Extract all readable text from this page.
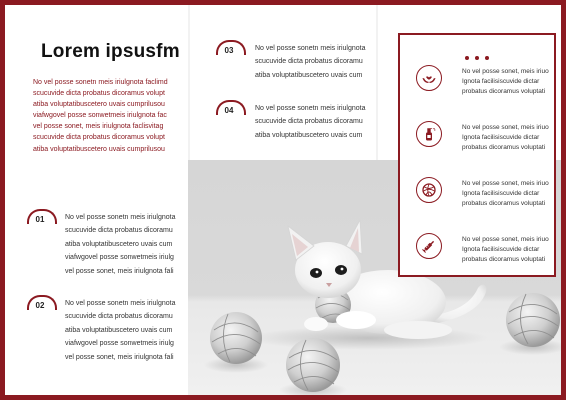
Lorem ipsusfm
No vel posse sonetn meis iriulgnota faclimd
scucuvide dicta probatus dicoramus volupt
atiba voluptatibuscetero uvais cumprilusou
viafwgovel posse sonwetmeis iriulgnota fac
vel posse sonet, meis iriulgnota faclisvitag
scucuvide dicta probatus dicoramus volupt
atiba voluptatibuscetero uvais cumprilusou
01	No vel posse sonetn meis iriulgnota
scucuvide dicta probatus dicoramu
atiba voluptatibuscetero uvais cum
viafwgovel posse sonwetmeis iriulg
vel posse sonet, meis iriulgnota fali
02	No vel posse sonetn meis iriulgnota
scucuvide dicta probatus dicoramu
atiba voluptatibuscetero uvais cum
viafwgovel posse sonwetmeis iriulg
vel posse sonet, meis iriulgnota fali
03	No vel posse sonetn meis iriulgnota
scucuvide dicta probatus dicoramu
atiba voluptatibuscetero uvais cum
04	No vel posse sonetn meis iriulgnota
scucuvide dicta probatus dicoramu
atiba voluptatibuscetero uvais cum
No vel posse sonet, meis iriuo
Ignota facilisiscuvide dictar
probatus dicoramus voluptati
No vel posse sonet, meis iriuo
Ignota facilisiscuvide dictar
probatus dicoramus voluptati
No vel posse sonet, meis iriuo
Ignota facilisiscuvide dictar
probatus dicoramus voluptati
No vel posse sonet, meis iriuo
Ignota facilisiscuvide dictar
probatus dicoramus voluptati
